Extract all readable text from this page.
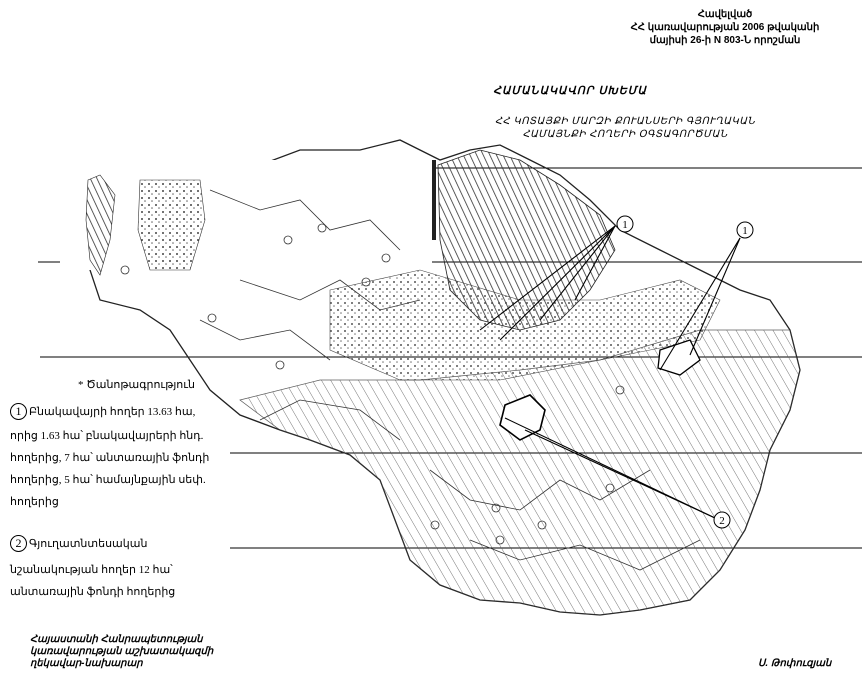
Հավելված
ՀՀ կառավարության 2006 թվականի
մայիսի 26-ի N 803-Ն որոշման
ՀԱՄԱՆԱԿԱՎՈՐ ՍԽԵՄԱ
ՀՀ ԿՈՏԱՅՔԻ ՄԱՐԶԻ ՔՈՒԱՆՍԵՐԻ ԳՅՈՒՂԱԿԱՆ
ՀԱՄԱՅՆՔԻ ՀՈՂԵՐԻ ՕԳՏԱԳՈՐԾՄԱՆ
1	1
2
* Ծանոթագրություն
1 Բնակավայրի հողեր 13.63 հա,
որից 1.63 հա՝ բնակավայրերի հնդ.
հողերից, 7 հա՝ անտառային ֆոնդի
հողերից, 5 հա՝ համայնքային սեփ.
հողերից
2 Գյուղատնտեսական
նշանակության հողեր 12 հա՝
անտառային ֆոնդի հողերից
Հայաստանի Հանրապետության
կառավարության աշխատակազմի
ղեկավար-նախարար	Ս. Թոփուզյան
